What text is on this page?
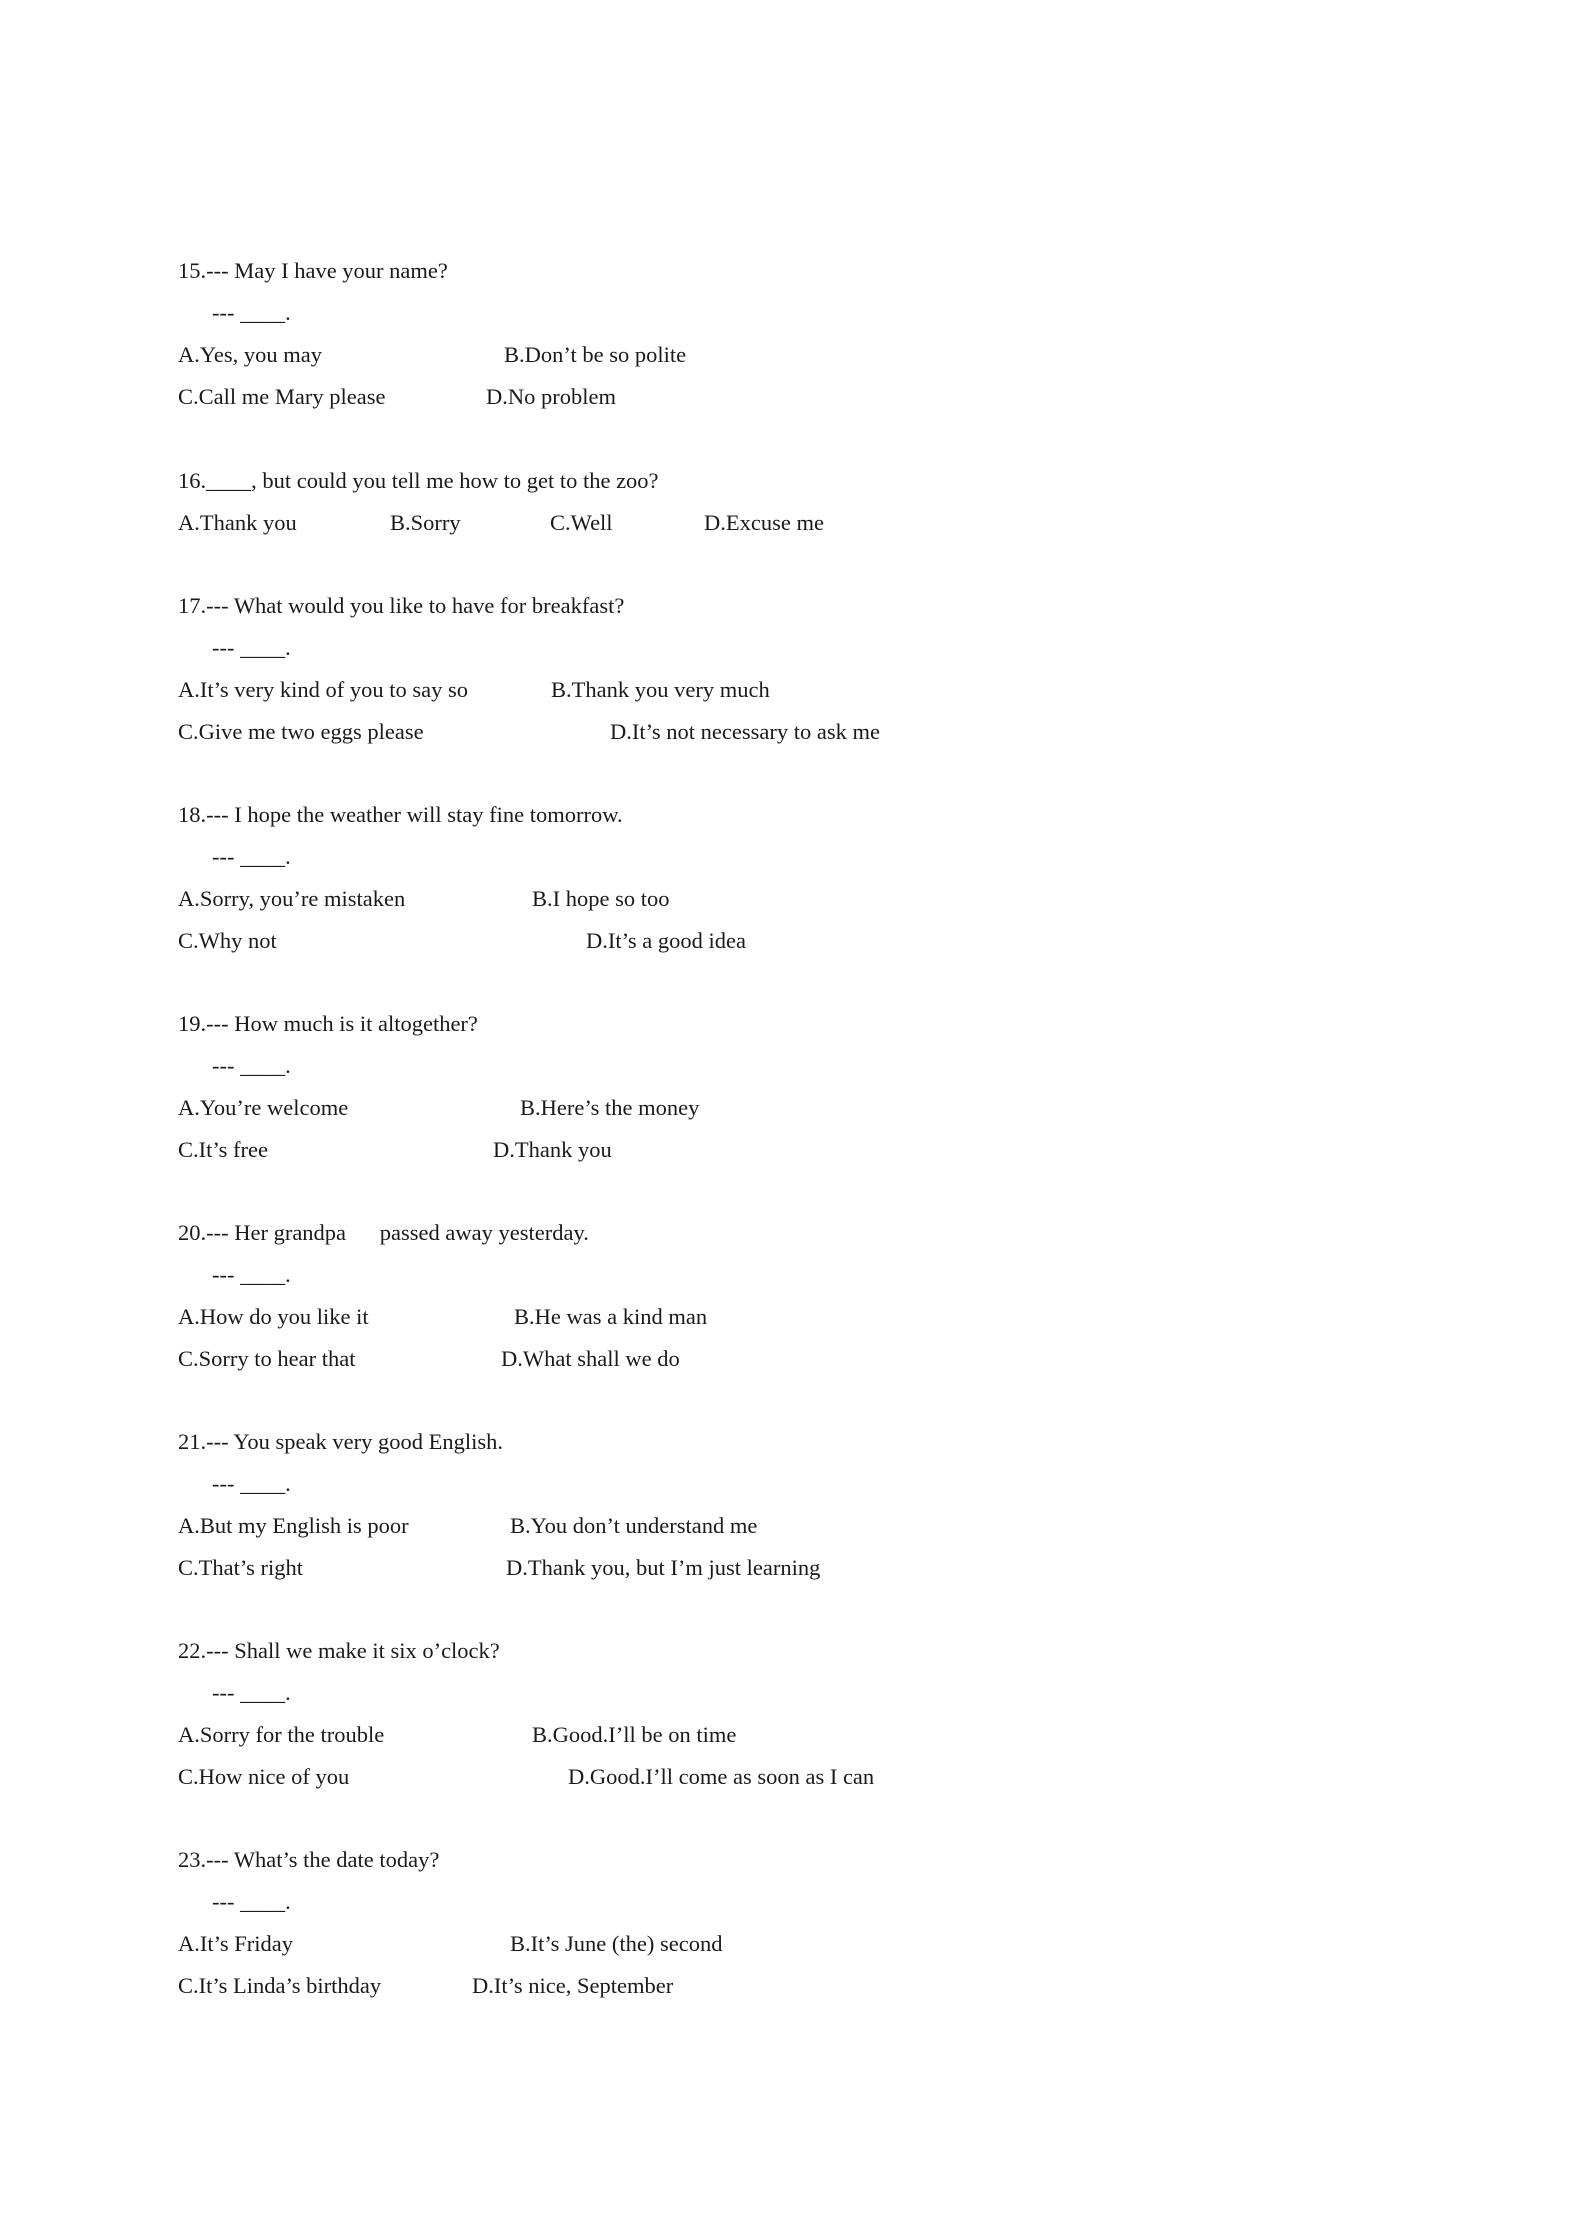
15.--- May I have your name?
--- ____.
A.Yes, you may	B.Don’t be so polite
C.Call me Mary please	D.No problem
16.____, but could you tell me how to get to the zoo?
A.Thank you	B.Sorry	C.Well	D.Excuse me
17.--- What would you like to have for breakfast?
--- ____.
A.It’s very kind of you to say so	B.Thank you very much
C.Give me two eggs please	D.It’s not necessary to ask me
18.--- I hope the weather will stay fine tomorrow.
--- ____.
A.Sorry, you’re mistaken	B.I hope so too
C.Why not	D.It’s a good idea
19.--- How much is it altogether?
--- ____.
A.You’re welcome	B.Here’s the money
C.It’s free	D.Thank you
20.--- Her grandpa      passed away yesterday.
--- ____.
A.How do you like it	B.He was a kind man
C.Sorry to hear that	D.What shall we do
21.--- You speak very good English.
--- ____.
A.But my English is poor	B.You don’t understand me
C.That’s right	D.Thank you, but I’m just learning
22.--- Shall we make it six o’clock?
--- ____.
A.Sorry for the trouble	B.Good.I’ll be on time
C.How nice of you	D.Good.I’ll come as soon as I can
23.--- What’s the date today?
--- ____.
A.It’s Friday	B.It’s June (the) second
C.It’s Linda’s birthday	D.It’s nice, September
